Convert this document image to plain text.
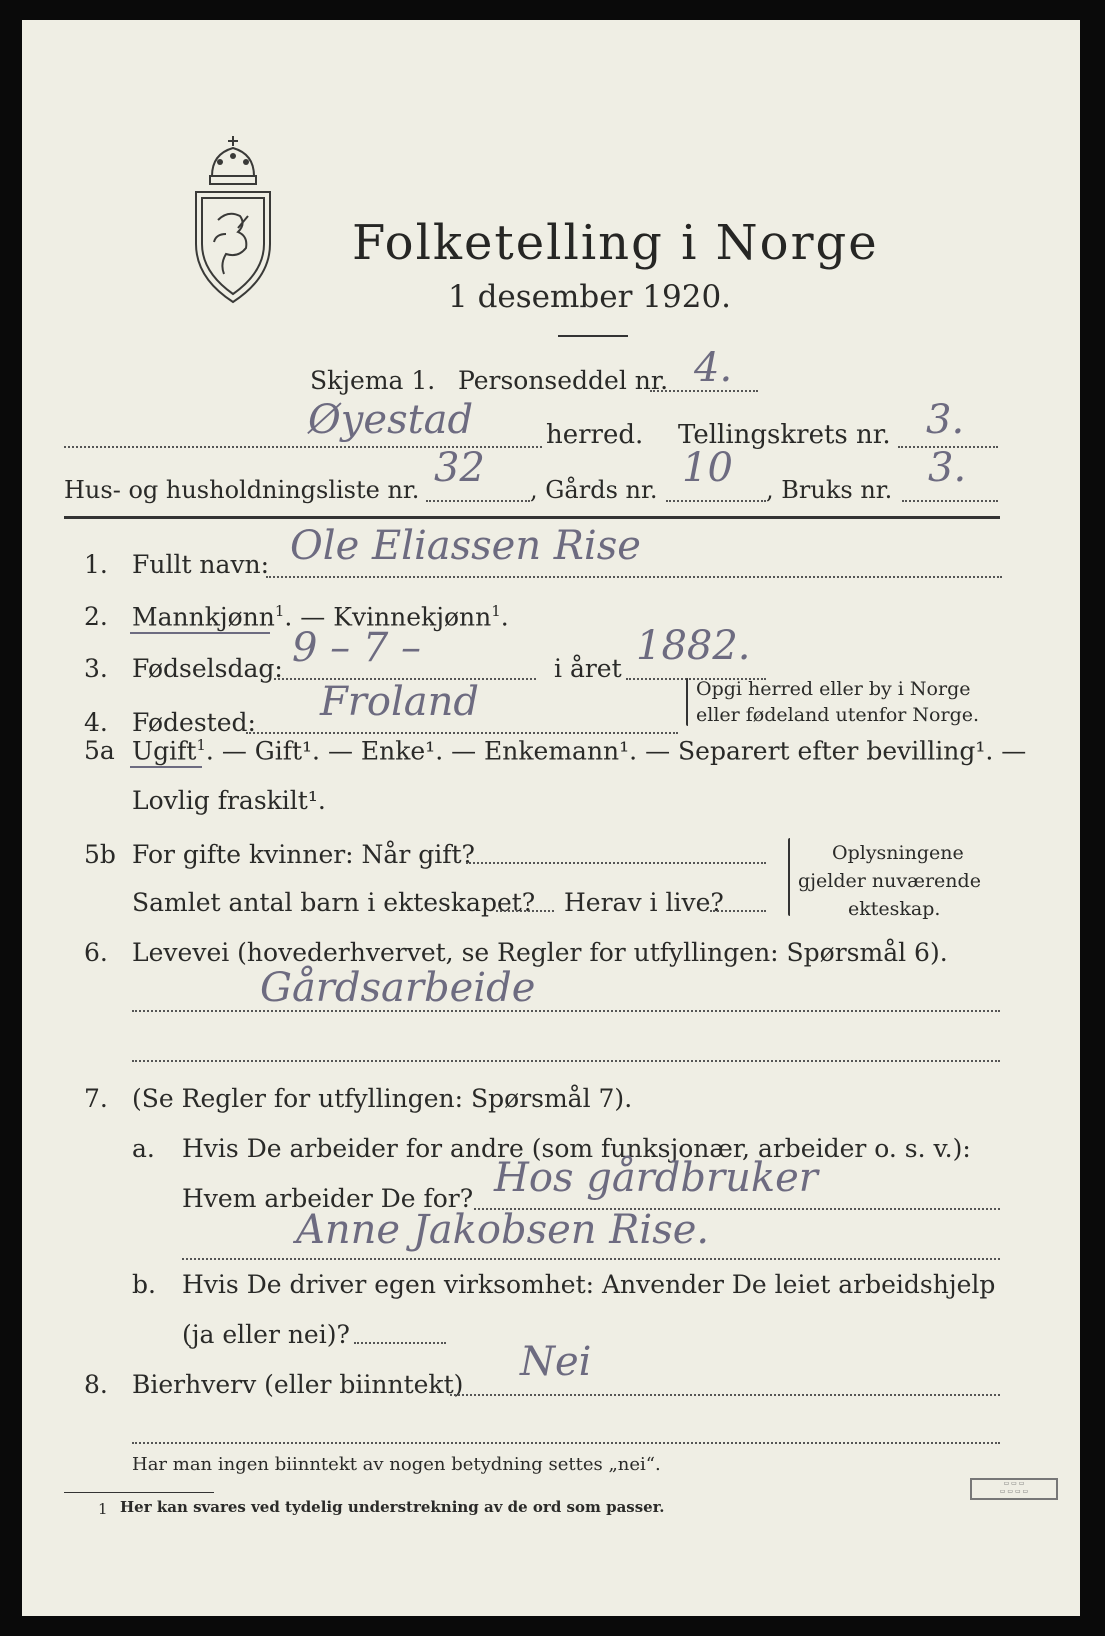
Folketelling i Norge
1 desember 1920.
Skjema 1. Personseddel nr. 4.
Øyestad	herred. Tellingskrets nr. 3.
Hus- og husholdningsliste nr. 32 , Gårds nr. 10 , Bruks nr. 3.
1. Fullt navn: Ole Eliassen Rise
2. Mannkjønn$^1$. — Kvinnekjønn$^1$.
3. Fødselsdag: 9 – 7 –	i året 1882.
4. Fødested: Froland	Opgi herred eller by i Norge
eller fødeland utenfor Norge.
5a Ugift$^1$. — Gift¹. — Enke¹. — Enkemann¹. — Separert efter bevilling¹. —
Lovlig fraskilt¹.
5b For gifte kvinner: Når gift?
Samlet antal barn i ekteskapet? Herav i live?
Oplysningene
gjelder nuværende
ekteskap.
6. Levevei (hovederhvervet, se Regler for utfyllingen: Spørsmål 6).
Gårdsarbeide
7. (Se Regler for utfyllingen: Spørsmål 7).
a. Hvis De arbeider for andre (som funksjonær, arbeider o. s. v.):
Hvem arbeider De for? Hos gårdbruker
Anne Jakobsen Rise.
b. Hvis De driver egen virksomhet: Anvender De leiet arbeidshjelp
(ja eller nei)?
8. Bierhverv (eller biinntekt) Nei
Har man ingen biinntekt av nogen betydning settes „nei“.
1 Her kan svares ved tydelig understrekning av de ord som passer.
▭ ▭ ▭
▭ ▭ ▭ ▭
